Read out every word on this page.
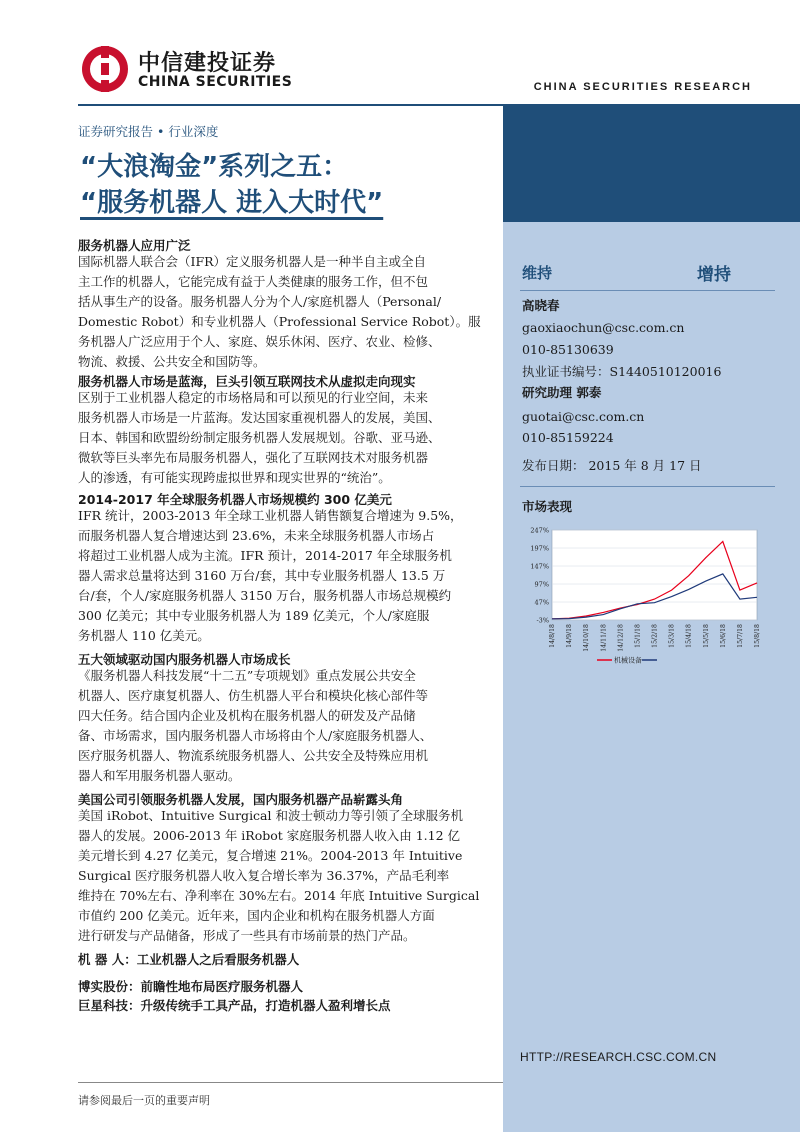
中信建投证券
CHINA SECURITIES	CHINA SECURITIES RESEARCH
证券研究报告 • 行业深度
“大浪淘金”系列之五：
“服务机器人 进入大时代”
服务机器人应用广泛
国际机器人联合会（IFR）定义服务机器人是一种半自主或全自
主工作的机器人，它能完成有益于人类健康的服务工作，但不包
括从事生产的设备。服务机器人分为个人/家庭机器人（Personal/
Domestic Robot）和专业机器人（Professional Service Robot）。服
务机器人广泛应用于个人、家庭、娱乐休闲、医疗、农业、检修、
物流、救援、公共安全和国防等。
服务机器人市场是蓝海，巨头引领互联网技术从虚拟走向现实
区别于工业机器人稳定的市场格局和可以预见的行业空间，未来
服务机器人市场是一片蓝海。发达国家重视机器人的发展，美国、
日本、韩国和欧盟纷纷制定服务机器人发展规划。谷歌、亚马逊、
微软等巨头率先布局服务机器人，强化了互联网技术对服务机器
人的渗透，有可能实现跨虚拟世界和现实世界的“统治”。
2014-2017 年全球服务机器人市场规模约 300 亿美元
IFR 统计，2003-2013 年全球工业机器人销售额复合增速为 9.5%，
而服务机器人复合增速达到 23.6%，未来全球服务机器人市场占
将超过工业机器人成为主流。IFR 预计，2014-2017 年全球服务机
器人需求总量将达到 3160 万台/套，其中专业服务机器人 13.5 万
台/套，个人/家庭服务机器人 3150 万台，服务机器人市场总规模约
300 亿美元；其中专业服务机器人为 189 亿美元，个人/家庭服
务机器人 110 亿美元。
五大领域驱动国内服务机器人市场成长
《服务机器人科技发展“十二五”专项规划》重点发展公共安全
机器人、医疗康复机器人、仿生机器人平台和模块化核心部件等
四大任务。结合国内企业及机构在服务机器人的研发及产品储
备、市场需求，国内服务机器人市场将由个人/家庭服务机器人、
医疗服务机器人、物流系统服务机器人、公共安全及特殊应用机
器人和军用服务机器人驱动。
美国公司引领服务机器人发展，国内服务机器产品崭露头角
美国 iRobot、Intuitive Surgical 和波士顿动力等引领了全球服务机
器人的发展。2006-2013 年 iRobot 家庭服务机器人收入由 1.12 亿
美元增长到 4.27 亿美元，复合增速 21%。2004-2013 年 Intuitive
Surgical 医疗服务机器人收入复合增长率为 36.37%，产品毛利率
维持在 70%左右、净利率在 30%左右。2014 年底 Intuitive Surgical
市值约 200 亿美元。近年来，国内企业和机构在服务机器人方面
进行研发与产品储备，形成了一些具有市场前景的热门产品。
机 器 人：工业机器人之后看服务机器人
博实股份：前瞻性地布局医疗服务机器人
巨星科技：升级传统手工具产品，打造机器人盈利增长点
维持	增持
高晓春
gaoxiaochun@csc.com.cn
010-85130639
执业证书编号：S1440510120016
研究助理 郭泰
guotai@csc.com.cn
010-85159224
发布日期： 2015 年 8 月 17 日
市场表现
247%
197%
147%
97%
47%
-3%
14/8/18 14/9/18 14/10/18 14/11/18 14/12/18 15/1/18 15/2/18 15/3/18 15/4/18 15/5/18 15/6/18 15/7/18 15/8/18
机械设备
HTTP://RESEARCH.CSC.COM.CN
请参阅最后一页的重要声明
